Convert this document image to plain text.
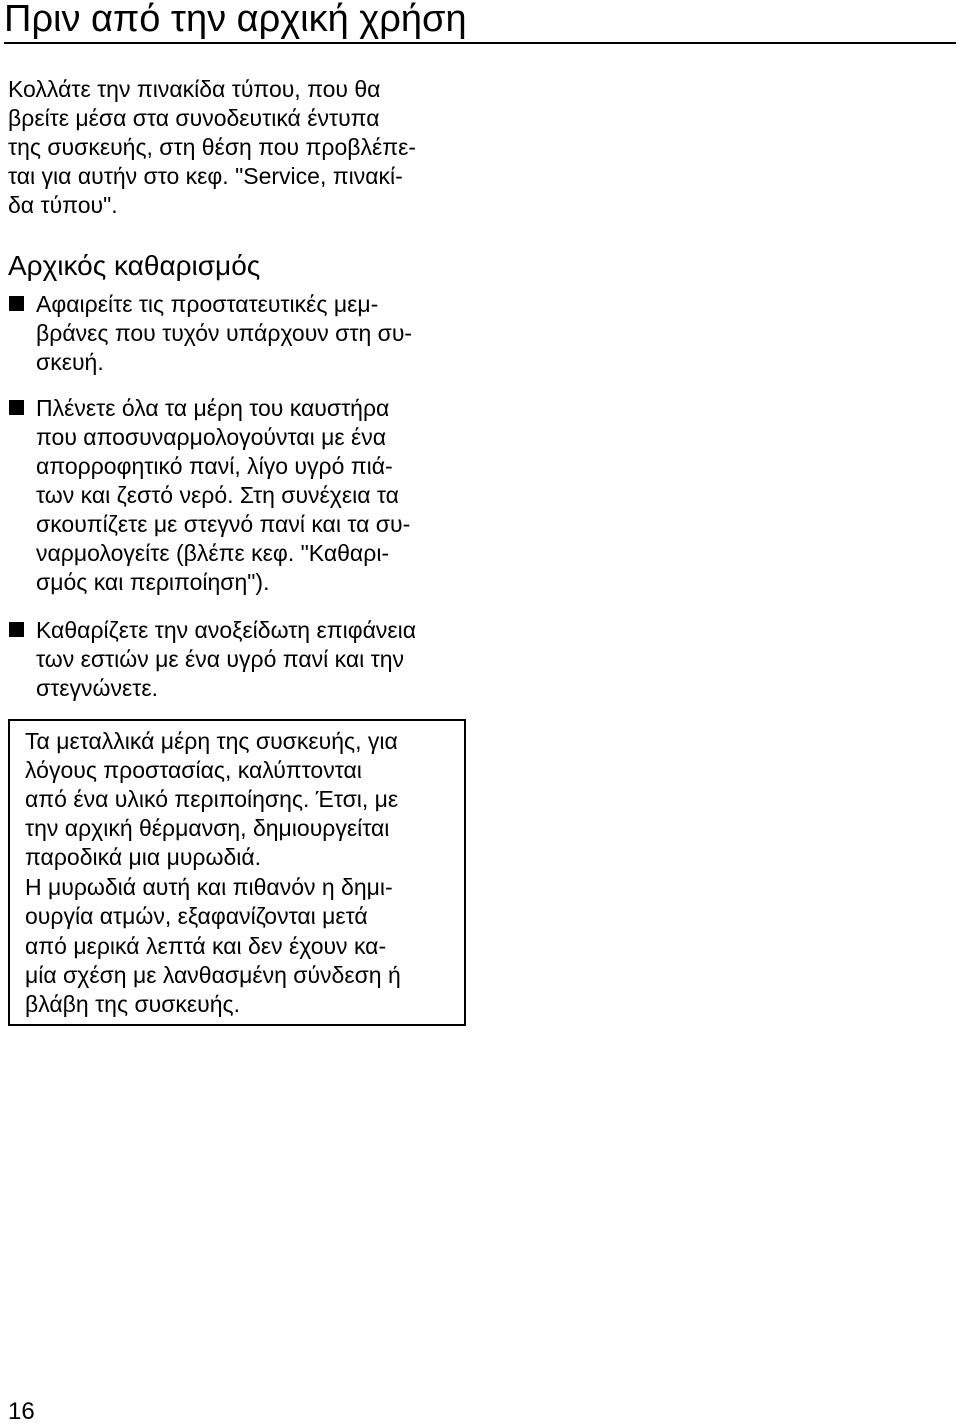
Πριν από την αρχική χρήση
Κολλάτε την πινακίδα τύπου, που θα
βρείτε μέσα στα συνοδευτικά έντυπα
της συσκευής, στη θέση που προβλέπε-
ται για αυτήν στο κεφ. "Service, πινακί-
δα τύπου".
Αρχικός καθαρισμός
Αφαιρείτε τις προστατευτικές μεμ-
βράνες που τυχόν υπάρχουν στη συ-
σκευή.
Πλένετε όλα τα μέρη του καυστήρα
που αποσυναρμολογούνται με ένα
απορροφητικό πανί, λίγο υγρό πιά-
των και ζεστό νερό. Στη συνέχεια τα
σκουπίζετε με στεγνό πανί και τα συ-
ναρμολογείτε (βλέπε κεφ. "Καθαρι-
σμός και περιποίηση").
Καθαρίζετε την ανοξείδωτη επιφάνεια
των εστιών με ένα υγρό πανί και την
στεγνώνετε.
Τα μεταλλικά μέρη της συσκευής, για
λόγους προστασίας, καλύπτονται
από ένα υλικό περιποίησης. Έτσι, με
την αρχική θέρμανση, δημιουργείται
παροδικά μια μυρωδιά.
Η μυρωδιά αυτή και πιθανόν η δημι-
ουργία ατμών, εξαφανίζονται μετά
από μερικά λεπτά και δεν έχουν κα-
μία σχέση με λανθασμένη σύνδεση ή
βλάβη της συσκευής.
16
